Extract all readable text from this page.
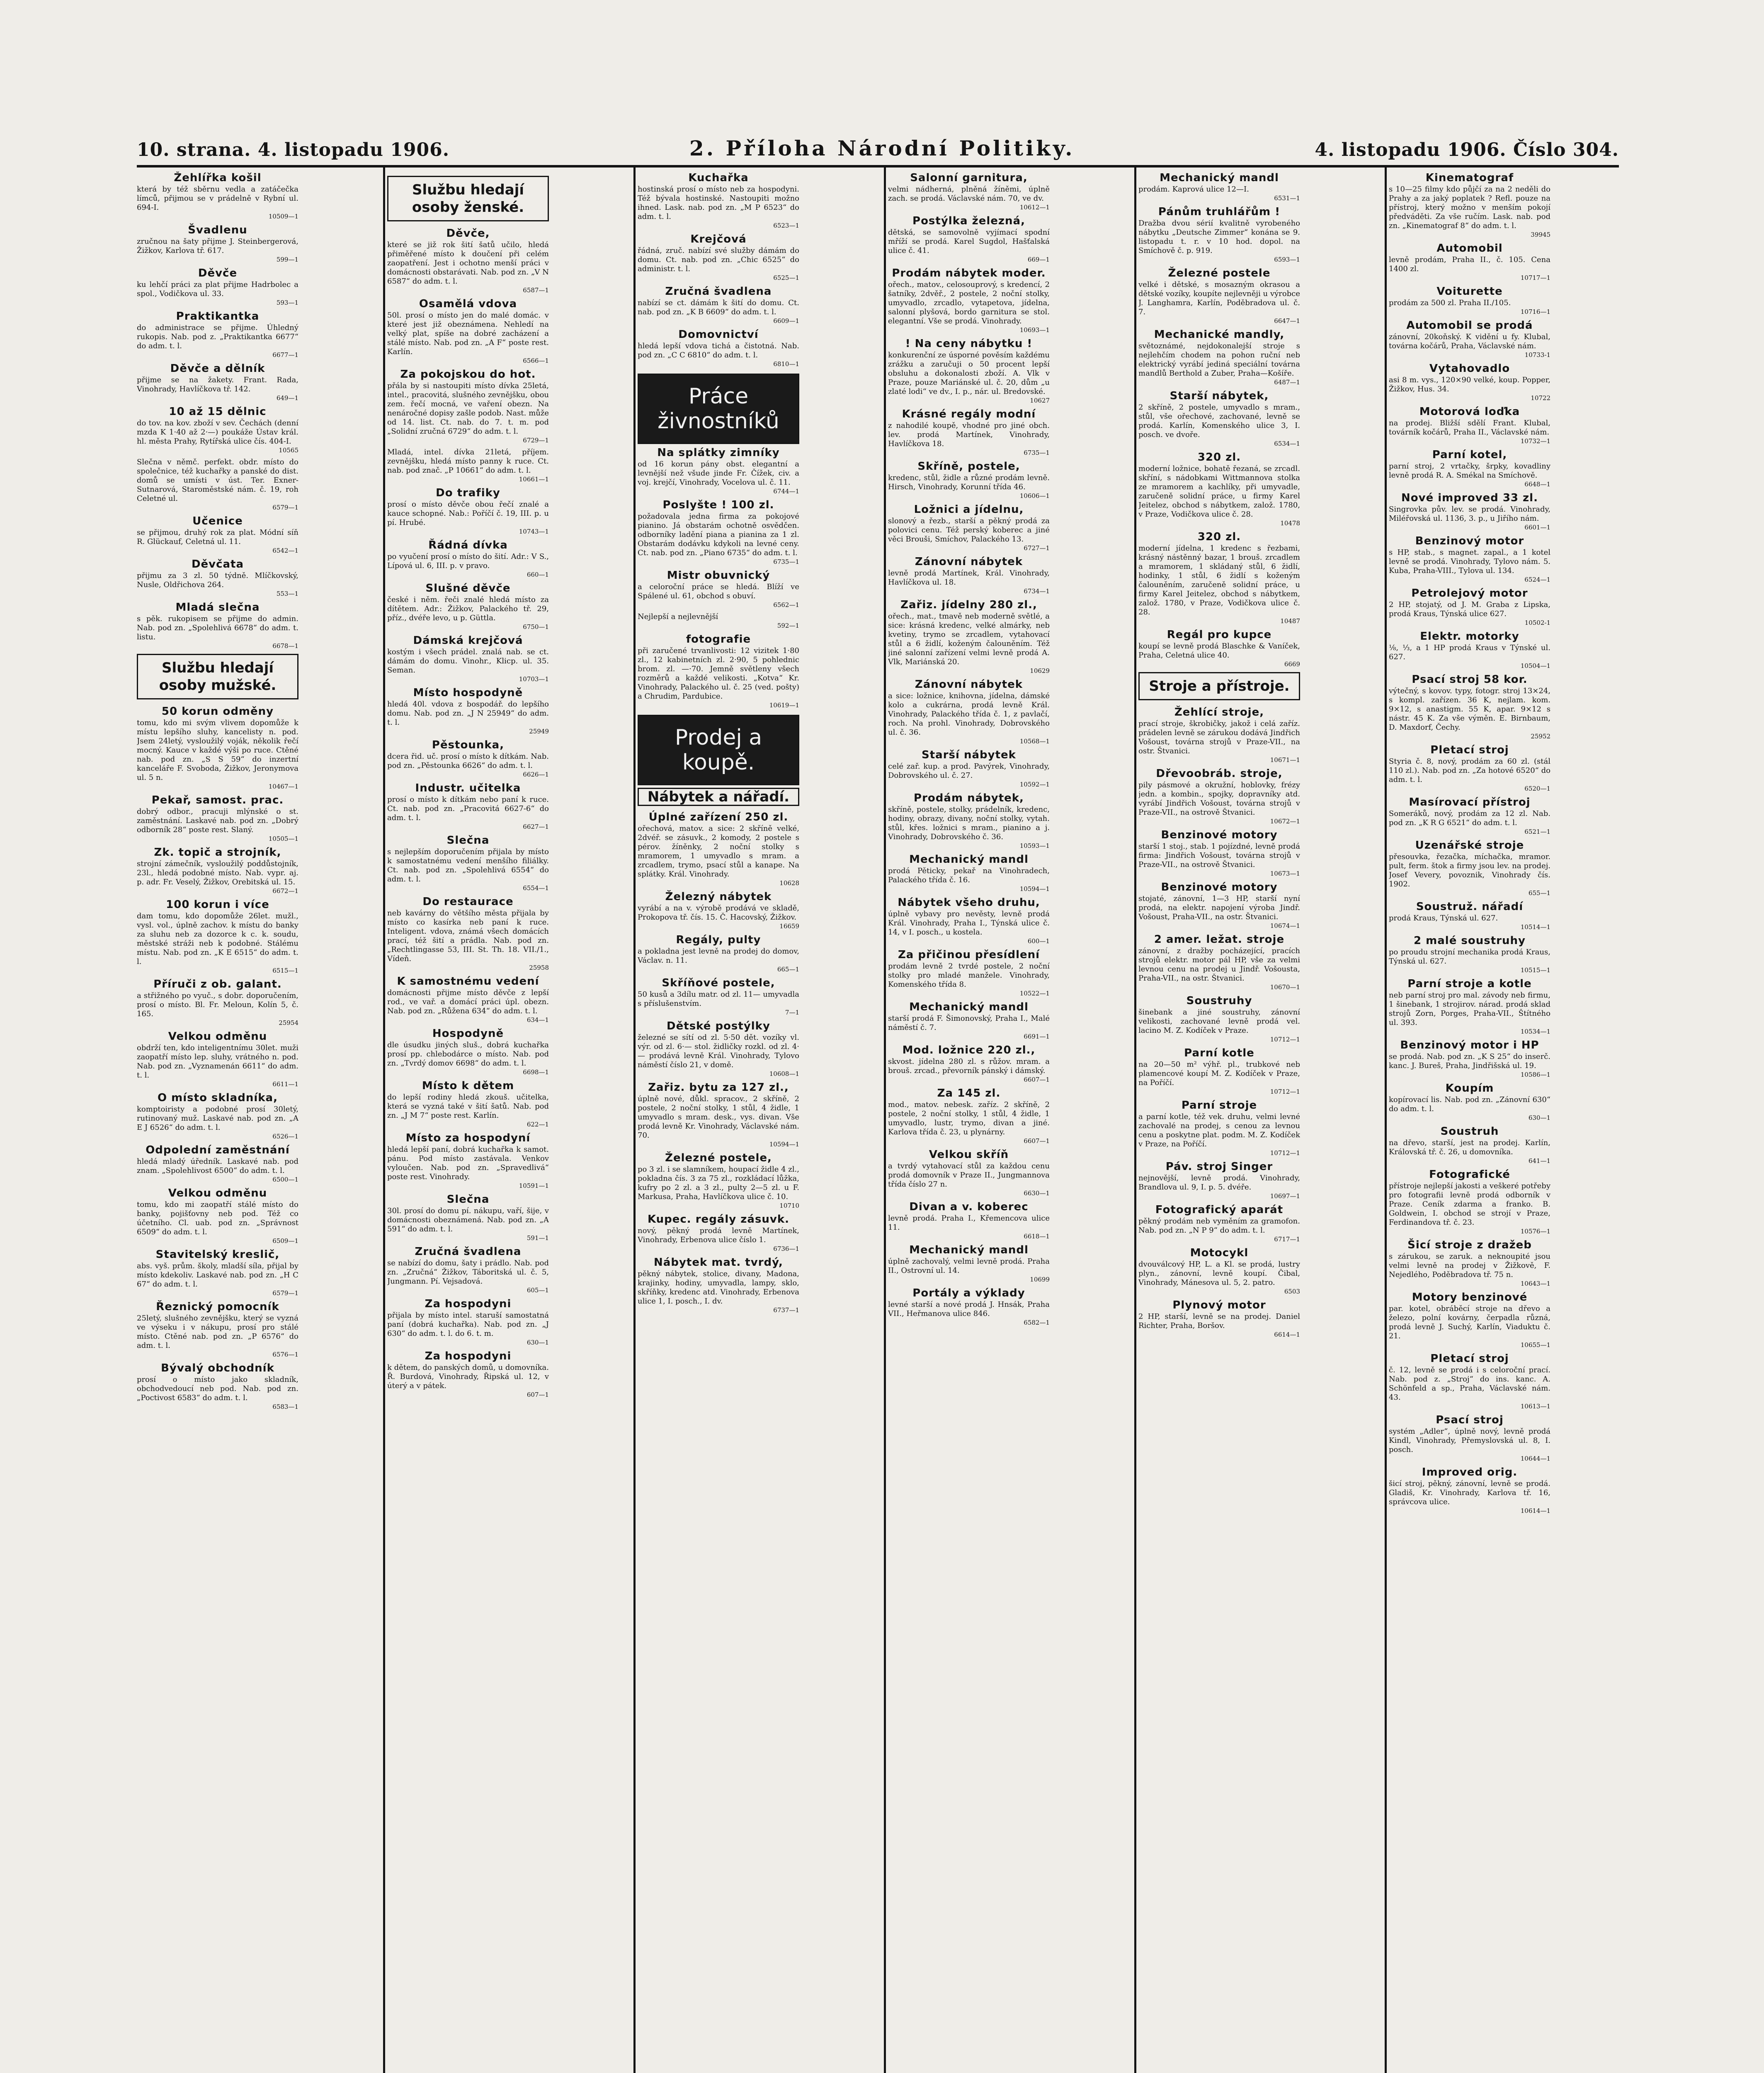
10. strana. 4. listopadu 1906.	2. Příloha Národní Politiky.	4. listopadu 1906. Číslo 304.
Žehlířka košil

která by též sběrnu vedla a zatáčečka límců, přijmou se v prádelně v Rybní ul. 694-I.

10509—1
Švadlenu

zručnou na šaty přijme J. Steinbergerová, Žižkov, Karlova tř. 617.

599—1
Děvče

ku lehčí práci za plat přijme Hadrbolec a spol., Vodičkova ul. 33.

593—1
Praktikantka

do administrace se přijme. Úhledný rukopis. Nab. pod z. „Praktikantka 6677“ do adm. t. l.

6677—1
Děvče a dělník

přijme se na žakety. Frant. Rada, Vinohrady, Havlíčkova tř. 142.

649—1
10 až 15 dělnic

do tov. na kov. zboží v sev. Čechách (denní mzda K 1·40 až 2·—) poukáže Ústav král. hl. města Prahy, Rytířská ulice čís. 404-I.

10565

Slečna v němč. perfekt. obdr. místo do společnice, též kuchařky a panské do dist. domů se umísti v úst. Ter. Exner-Sutnarová, Staroměstské nám. č. 19, roh Celetné ul.

6579—1
Učenice

se přijmou, druhý rok za plat. Módní síň R. Glückauf, Celetná ul. 11.

6542—1
Děvčata

přijmu za 3 zl. 50 týdně. Mlíčkovský, Nusle, Oldřichova 264.

553—1
Mladá slečna

s pěk. rukopisem se přijme do admin. Nab. pod zn. „Spolehlivá 6678“ do adm. t. listu.

6678—1
Službu hledají osoby mužské.
50 korun odměny

tomu, kdo mi svým vlivem dopomůže k místu lepšího sluhy, kancelisty n. pod. Jsem 24letý, vysloužilý voják, několik řečí mocný. Kauce v každé výši po ruce. Ctěné nab. pod zn. „S S 59“ do inzertní kanceláře F. Svoboda, Žižkov, Jeronymova ul. 5 n.

10467—1
Pekař, samost. prac.

dobrý odbor., pracuji mlýnské o st. zaměstnání. Laskavé nab. pod zn. „Dobrý odborník 28“ poste rest. Slaný.

10505—1
Zk. topič a strojník,

strojní zámečník, vysloužilý poddůstojník, 23l., hledá podobné místo. Nab. vypr. aj. p. adr. Fr. Veselý, Žižkov, Orebitská ul. 15.

6672—1
100 korun i více

dam tomu, kdo dopomůže 26let. mužl., vysl. vol., úplně zachov. k místu do banky za sluhu neb za dozorce k c. k. soudu, městské stráži neb k podobné. Stálému místu. Nab. pod zn. „K E 6515“ do adm. t. l.

6515—1
Příruči z ob. galant.

a střižného po vyuč., s dobr. doporučením, prosí o místo. Bl. Fr. Meloun, Kolín 5, č. 165.

25954
Velkou odměnu

obdrží ten, kdo inteligentnímu 30let. muži zaopatří místo lep. sluhy, vrátného n. pod. Nab. pod zn. „Vyznamenán 6611“ do adm. t. l.

6611—1
O místo skladníka,

komptoiristy a podobné prosí 30letý, rutinovaný muž. Laskavé nab. pod zn. „A E J 6526“ do adm. t. l.

6526—1
Odpolední zaměstnání

hledá mladý úředník. Laskavé nab. pod znam. „Spolehlivost 6500“ do adm. t. l.

6500—1
Velkou odměnu

tomu, kdo mi zaopatří stálé místo do banky, pojišťovny neb pod. Též co účetního. Cl. uab. pod zn. „Správnost 6509“ do adm. t. l.

6509—1
Stavitelský kreslič,

abs. vyš. prům. školy, mladší síla, přijal by místo kdekoliv. Laskavé nab. pod zn. „H C 67“ do adm. t. l.

6579—1
Řeznický pomocník

25letý, slušného zevnějšku, který se vyzná ve výseku i v nákupu, prosí pro stálé místo. Ctěné nab. pod zn. „P 6576“ do adm. t. l.

6576—1
Bývalý obchodník

prosí o místo jako skladník, obchodvedoucí neb pod. Nab. pod zn. „Poctivost 6583“ do adm. t. l.

6583—1
Službu hledají osoby ženské.
Děvče,

které se již rok šití šatů učilo, hledá přiměřené místo k doučení při celém zaopatření. Jest i ochotno menší práci v domácnosti obstarávati. Nab. pod zn. „V N 6587“ do adm. t. l.

6587—1
Osamělá vdova

50l. prosí o místo jen do malé domác. v které jest již obeznámena. Nehledí na velký plat, spíše na dobré zacházení a stálé místo. Nab. pod zn. „A F“ poste rest. Karlín.

6566—1
Za pokojskou do hot.

přála by si nastoupiti místo dívka 25letá, intel., pracovitá, slušného zevnějšku, obou zem. řečí mocná, ve vaření obezn. Na nenáročné dopisy zašle podob. Nast. může od 14. list. Ct. nab. do 7. t. m. pod „Solidní zručná 6729“ do adm. t. l.

6729—1

Mladá, intel. dívka 21letá, příjem. zevnějšku, hledá místo panny k ruce. Ct. nab. pod znač. „P 10661“ do adm. t. l.

10661—1
Do trafiky

prosí o místo děvče obou řečí znalé a kauce schopné. Nab.: Poříčí č. 19, III. p. u pí. Hrubé.

10743—1
Řádná dívka

po vyučení prosí o místo do šití. Adr.: V S., Lípová ul. 6, III. p. v pravo.

660—1
Slušné děvče

české i něm. řeči znalé hledá místo za dítětem. Adr.: Žižkov, Palackého tř. 29, příz., dvéře levo, u p. Güttla.

6750—1
Dámská krejčová

kostým i všech prádel. znalá nab. se ct. dámám do domu. Vinohr., Klicp. ul. 35. Seman.

10703—1
Místo hospodyně

hledá 40l. vdova z bospodář. do lepšího domu. Nab. pod zn. „J N 25949“ do adm. t. l.

25949
Pěstounka,

dcera řid. uč. prosí o místo k dítkám. Nab. pod zn. „Pěstounka 6626“ do adm. t. l.

6626—1
Industr. učitelka

prosí o místo k dítkám nebo paní k ruce. Ct. nab. pod zn. „Pracovitá 6627-6“ do adm. t. l.

6627—1
Slečna

s nejlepším doporučením přijala by místo k samostatnému vedení menšího filiálky. Ct. nab. pod zn. „Spolehlivá 6554“ do adm. t. l.

6554—1
Do restaurace

neb kavárny do většího města přijala by místo co kasírka neb paní k ruce. Inteligent. vdova, známá všech domácích prací, též šití a prádla. Nab. pod zn. „Rechtlingasse 53, III. St. Th. 18. VII./1., Vídeň.

25958
K samostnému vedení

domácnosti přijme místo děvče z lepší rod., ve vař. a domácí práci úpl. obezn. Nab. pod zn. „Růžena 634“ do adm. t. l.

634—1
Hospodyně

dle úsudku jiných sluš., dobrá kuchařka prosí pp. chlebodárce o místo. Nab. pod zn. „Tvrdý domov 6698“ do adm. t. l.

6698—1
Místo k dětem

do lepší rodiny hledá zkouš. učitelka, která se vyzná také v šití šatů. Nab. pod zn. „J M 7“ poste rest. Karlín.

622—1
Místo za hospodyní

hledá lepší paní, dobrá kuchařka k samot. pánu. Pod místo zastávala. Venkov vyloučen. Nab. pod zn. „Spravedlivá“ poste rest. Vinohrady.

10591—1
Slečna

30l. prosí do domu pí. nákupu, vaří, šije, v domácnosti obeznámená. Nab. pod zn. „A 591“ do adm. t. l.

591—1
Zručná švadlena

se nabízí do domu, šaty i prádlo. Nab. pod zn. „Zručná“ Žižkov, Táboritská ul. č. 5, Jungmann. Pí. Vejsadová.

605—1
Za hospodyni

přijala by místo intel. staruší samostatná paní (dobrá kuchařka). Nab. pod zn. „J 630“ do adm. t. l. do 6. t. m.

630—1
Za hospodyni

k dětem, do panských domů, u domovníka. Ř. Burdová, Vinohrady, Řipská ul. 12, v úterý a v pátek.

607—1
Kuchařka

hostinská prosí o místo neb za hospodyni. Též bývala hostinské. Nastoupiti možno ihned. Lask. nab. pod zn. „M P 6523“ do adm. t. l.

6523—1
Krejčová

řádná, zruč. nabízí své služby dámám do domu. Ct. nab. pod zn. „Chic 6525“ do administr. t. l.

6525—1
Zručná švadlena

nabízí se ct. dámám k šití do domu. Ct. nab. pod zn. „K B 6609“ do adm. t. l.

6609—1
Domovnictví

hledá lepší vdova tichá a čistotná. Nab. pod zn. „C C 6810“ do adm. t. l.

6810—1
Práce živnostníků
Na splátky zimníky

od 16 korun pány obst. elegantní a levnější než všude jinde Fr. Čížek, civ. a voj. krejčí, Vinohrady, Vocelova ul. č. 11.

6744—1
Poslyšte ! 100 zl.

požadovala jedna firma za pokojové pianino. Já obstarám ochotně osvědčen. odborníky ladění piana a pianina za 1 zl. Obstarám dodávku kdykoli na levné ceny. Ct. nab. pod zn. „Piano 6735“ do adm. t. l.

6735—1
Mistr obuvnický

a celoroční práce se hledá. Blíží ve Spálené ul. 61, obchod s obuví.

6562—1

Nejlepší a nejlevnější

592—1
fotografie

při zaručené trvanlivosti: 12 vizitek 1·80 zl., 12 kabinetních zl. 2·90, 5 pohlednic brom. zl. —·70. Jemně světleny všech rozměrů a každé velikosti. „Kotva“ Kr. Vinohrady, Palackého ul. č. 25 (ved. pošty) a Chrudim, Pardubice.

10619—1
Prodej a koupě.
Nábytek a nářadí.
Úplné zařízení 250 zl.

ořechová, matov. a sice: 2 skříně velké, 2dvéř. se zásuvk., 2 komody, 2 postele s pérov. žíněnky, 2 noční stolky s mramorem, 1 umyvadlo s mram. a zrcadlem, trymo, psací stůl a kanape. Na splátky. Král. Vinohrady.

10628
Železný nábytek

vyrábí a na v. výrobě prodává ve skladě, Prokopova tř. čís. 15. Č. Hacovský, Žižkov.

16659
Regály, pulty

a pokladna jest levně na prodej do domov, Václav. n. 11.

665—1
Skříňové postele,

50 kusů a 3dílu matr. od zl. 11— umyvadla s příslušenstvím.

7—1
Dětské postýlky

železné se sítí od zl. 5·50 dět. vozíky vl. výr. od zl. 6·— stol. židličky rozkl. od zl. 4·— prodává levně Král. Vinohrady, Tylovo náměstí číslo 21, v domě.

10608—1
Zařiz. bytu za 127 zl.,

úplně nové, důkl. spracov., 2 skříně, 2 postele, 2 noční stolky, 1 stůl, 4 židle, 1 umyvadlo s mram. desk., vys. divan. Vše prodá levně Kr. Vinohrady, Václavské nám. 70.

10594—1
Železné postele,

po 3 zl. i se slamníkem, houpací židle 4 zl., pokladna čís. 3 za 75 zl., rozkládací lůžka, kufry po 2 zl. a 3 zl., pulty 2—5 zl. u F. Markusa, Praha, Havlíčkova ulice č. 10.

10710
Kupec. regály zásuvk.

nový, pěkný prodá levně Martínek, Vinohrady, Erbenova ulice číslo 1.

6736—1
Nábytek mat. tvrdý,

pěkný nábytek, stolice, divany, Madona, krajinky, hodiny, umyvadla, lampy, sklo, skříňky, kredenc atd. Vinohrady, Erbenova ulice 1, I. posch., I. dv.

6737—1
Salonní garnitura,

velmi nádherná, plněná žíněmi, úplně zach. se prodá. Václavské nám. 70, ve dv.

10612—1
Postýlka železná,

dětská, se samovolně vyjímací spodní mříží se prodá. Karel Sugdol, Hašťalská ulice č. 41.

669—1
Prodám nábytek moder.

ořech., matov., celosouprový, s kredencí, 2 šatníky, 2dvěř., 2 postele, 2 noční stolky, umyvadlo, zrcadlo, vytapetova, jídelna, salonní plyšová, bordo garnitura se stol. elegantní. Vše se prodá. Vinohrady.

10693—1
! Na ceny nábytku !

konkurenční ze úsporné pověsím každému zrážku a zaručuji o 50 procent lepší obsluhu a dokonalosti zboží. A. Vlk v Praze, pouze Mariánské ul. č. 20, dům „u zlaté lodi“ ve dv., I. p., nár. ul. Bredovské.

10627
Krásné regály modní

z nahodilé koupě, vhodné pro jiné obch. lev. prodá Martínek, Vinohrady, Havlíčkova 18.

6735—1
Skříně, postele,

kredenc, stůl, židle a různé prodám levně. Hirsch, Vinohrady, Korunní třída 46.

10606—1
Ložnici a jídelnu,

slonový a řezb., starší a pěkný prodá za polovici cenu. Též perský koberec a jiné věci Brouši, Smíchov, Palackého 13.

6727—1
Zánovní nábytek

levně prodá Martínek, Král. Vinohrady, Havlíčkova ul. 18.

6734—1
Zařiz. jídelny 280 zl.,

ořech., mat., tmavě neb moderně světlé, a sice: krásná kredenc, velké almárky, neb kvetiny, trymo se zrcadlem, vytahovací stůl a 6 židlí, koženým čalouněním. Též jiné salonní zařízení velmi levně prodá A. Vlk, Mariánská 20.

10629
Zánovní nábytek

a sice: ložnice, knihovna, jídelna, dámské kolo a cukrárna, prodá levně Král. Vinohrady, Palackého třída č. 1, z pavlačí, roch. Na prohl. Vinohrady, Dobrovského ul. č. 36.

10568—1
Starší nábytek

celé zař. kup. a prod. Pavýrek, Vinohrady, Dobrovského ul. č. 27.

10592—1
Prodám nábytek,

skříně, postele, stolky, prádelník, kredenc, hodiny, obrazy, divany, noční stolky, vytah. stůl, křes. ložnici s mram., pianino a j. Vinohrady, Dobrovského č. 36.

10593—1
Mechanický mandl

prodá Pěticky, pekař na Vinohradech, Palackého třída č. 16.

10594—1
Nábytek všeho druhu,

úplně vybavy pro nevěsty, levně prodá Král. Vinohrady, Praha I., Týnská ulice č. 14, v I. posch., u kostela.

600—1
Za přičinou přesídlení

prodám levně 2 tvrdé postele, 2 noční stolky pro mladé manžele. Vinohrady, Komenského třída 8.

10522—1
Mechanický mandl

starší prodá F. Šimonovský, Praha I., Malé náměstí č. 7.

6691—1
Mod. ložnice 220 zl.,

skvost. jídelna 280 zl. s růžov. mram. a brouš. zrcad., převorník pánský i dámský.

6607—1
Za 145 zl.

mod., matov. nebesk. zaříz. 2 skříně, 2 postele, 2 noční stolky, 1 stůl, 4 židle, 1 umyvadlo, lustr, trymo, divan a jiné. Karlova třída č. 23, u plynárny.

6607—1
Velkou skříň

a tvrdý vytahovací stůl za každou cenu prodá domovník v Praze II., Jungmannova třída číslo 27 n.

6630—1
Divan a v. koberec

levně prodá. Praha I., Křemencova ulice 11.

6618—1
Mechanický mandl

úplně zachovalý, velmi levně prodá. Praha II., Ostrovní ul. 14.

10699
Portály a výklady

levné starší a nové prodá J. Hnsák, Praha VII., Heřmanova ulice 846.

6582—1
Mechanický mandl

prodám. Kaprová ulice 12—I.

6531—1
Pánům truhlářům !

Dražba dvou sérií kvalitně vyrobeného nábytku „Deutsche Zimmer“ konána se 9. listopadu t. r. v 10 hod. dopol. na Smíchově č. p. 919.

6593—1
Železné postele

velké i dětské, s mosazným okrasou a dětské vozíky, koupíte nejlevněji u výrobce J. Langhamra, Karlín, Poděbradova ul. č. 7.

6647—1
Mechanické mandly,

světoznámé, nejdokonalejší stroje s nejlehčím chodem na pohon ruční neb elektrický vyrábí jediná speciální továrna mandlů Berthold a Zuber, Praha—Košíře.

6487—1
Starší nábytek,

2 skříně, 2 postele, umyvadlo s mram., stůl, vše ořechové, zachované, levně se prodá. Karlín, Komenského ulice 3, I. posch. ve dvoře.

6534—1
320 zl.

moderní ložnice, bohatě řezaná, se zrcadl. skříní, s nádobkami Wittmannova stolka ze mramorem a kachlíky, při umyvadle, zaručeně solidní práce, u firmy Karel Jeitelez, obchod s nábytkem, založ. 1780, v Praze, Vodičkova ulice č. 28.

10478
320 zl.

moderní jídelna, 1 kredenc s řezbami, krásný nástěnný bazar, 1 brouš. zrcadlem a mramorem, 1 skládaný stůl, 6 židlí, hodinky, 1 stůl, 6 židlí s koženým čalouněním, zaručeně solidní práce, u firmy Karel Jeitelez, obchod s nábytkem, založ. 1780, v Praze, Vodičkova ulice č. 28.

10487
Regál pro kupce

koupí se levně prodá Blaschke & Vaníček, Praha, Celetná ulice 40.

6669
Stroje a přístroje.
Žehlící stroje,

prací stroje, škrobičky, jakož i celá zaříz. prádelen levně se zárukou dodává Jindřich Vošoust, továrna strojů v Praze-VII., na ostr. Štvanici.

10671—1
Dřevoobráb. stroje,

pily pásmové a okružní, hoblovky, frézy jedn. a kombin., spojky, dopravníky atd. vyrábí Jindřich Vošoust, továrna strojů v Praze-VII., na ostrově Štvanici.

10672—1
Benzinové motory

starší 1 stoj., stab. 1 pojízdné, levně prodá firma: Jindřich Vošoust, továrna strojů v Praze-VII., na ostrově Štvanici.

10673—1
Benzinové motory

stojaté, zánovní, 1—3 HP, starší nyní prodá, na elektr. napojení výroba Jindř. Vošoust, Praha-VII., na ostr. Štvanici.

10674—1
2 amer. ležat. stroje

zánovní, z dražby pocházející, pracích strojů elektr. motor pál HP, vše za velmi levnou cenu na prodej u Jindř. Vošousta, Praha-VII., na ostr. Štvanici.

10670—1
Soustruhy

šinebank a jiné soustruhy, zánovní velikosti, zachované levně prodá vel. lacino M. Z. Kodíček v Praze.

10712—1
Parní kotle

na 20—50 m² výhř. pl., trubkové neb plamencové koupí M. Z. Kodíček v Praze, na Poříčí.

10712—1
Parní stroje

a parní kotle, též vek. druhu, velmi levné zachovalé na prodej, s cenou za levnou cenu a poskytne plat. podm. M. Z. Kodíček v Praze, na Poříčí.

10712—1
Páv. stroj Singer

nejnovější, levně prodá. Vinohrady, Brandlova ul. 9, I. p. 5. dvéře.

10697—1
Fotografický aparát

pěkný prodám neb vyměním za gramofon. Nab. pod zn. „N P 9“ do adm. t. l.

6717—1
Motocykl

dvouválcový HP, L. a Kl. se prodá, lustry plyn., zánovní, levně koupí. Čibal, Vinohrady, Mánesova ul. 5, 2. patro.

6503
Plynový motor

2 HP, starší, levně se na prodej. Daniel Richter, Praha, Boršov.

6614—1
Kinematograf

s 10—25 filmy kdo půjčí za na 2 neděli do Prahy a za jaký poplatek ? Refl. pouze na přístroj, který možno v menším pokojí předváděti. Za vše ručím. Lask. nab. pod zn. „Kinematograf 8“ do adm. t. l.

39945
Automobil

levně prodám, Praha II., č. 105. Cena 1400 zl.

10717—1
Voiturette

prodám za 500 zl. Praha II./105.

10716—1
Automobil se prodá

zánovní, 20koňský. K vidění u fy. Klubal, továrna kočárů, Praha, Václavské nám.

10733-1
Vytahovadlo

asi 8 m. vys., 120×90 velké, koup. Popper, Žižkov, Hus. 34.

10722
Motorová loďka

na prodej. Bližší sdělí Frant. Klubal, továrník kočárů, Praha II., Václavské nám.

10732—1
Parní kotel,

parní stroj, 2 vrtačky, šrpky, kovadliny levně prodá R. A. Smékal na Smíchově.

6648—1
Nové improved 33 zl.

Singrovka pův. lev. se prodá. Vinohrady, Miléřovská ul. 1136, 3. p., u Jiřího nám.

6601—1
Benzinový motor

s HP, stab., s magnet. zapal., a 1 kotel levně se prodá. Vinohrady, Tylovo nám. 5. Kuba, Praha-VIII., Tylova ul. 134.

6524—1
Petrolejový motor

2 HP, stojatý, od J. M. Graba z Lipska, prodá Kraus, Týnská ulice 627.

10502-1
Elektr. motorky

⅛, ⅓, a 1 HP prodá Kraus v Týnské ul. 627.

10504—1
Psací stroj 58 kor.

výtečný, s kovov. typy, fotogr. stroj 13×24, s kompl. zařízen. 36 K, nejlam. kom. 9×12, s anastigm. 55 K, apar. 9×12 s nástr. 45 K. Za vše výměn. E. Birnbaum, D. Maxdorf, Čechy.

25952
Pletací stroj

Styria č. 8, nový, prodám za 60 zl. (stál 110 zl.). Nab. pod zn. „Za hotové 6520“ do adm. t. l.

6520—1
Masírovací přístroj

Someráků, nový, prodám za 12 zl. Nab. pod zn. „K R G 6521“ do adm. t. l.

6521—1
Uzenářské stroje

přesouvka, řezačka, míchačka, mramor. pult, ferm. štok a firmy jsou lev. na prodej. Josef Vevery, povoznik, Vinohrady čís. 1902.

655—1
Soustruž. nářadí

prodá Kraus, Týnská ul. 627.

10514—1
2 malé soustruhy

po proudu strojní mechanika prodá Kraus, Týnská ul. 627.

10515—1
Parní stroje a kotle

neb parní stroj pro mal. závody neb firmu, 1 šinebank, 1 strojirov. nárad. prodá sklad strojů Zorn, Porges, Praha-VII., Štítného ul. 393.

10534—1
Benzinový motor i HP

se prodá. Nab. pod zn. „K S 25“ do inserč. kanc. J. Bureš, Praha, Jindřišská ul. 19.

10586—1
Koupím

kopírovací lis. Nab. pod zn. „Zánovní 630“ do adm. t. l.

630—1
Soustruh

na dřevo, starší, jest na prodej. Karlín, Královská tř. č. 26, u domovníka.

641—1
Fotografické

přístroje nejlepší jakosti a veškeré potřeby pro fotografii levně prodá odborník v Praze. Ceník zdarma a franko. B. Goldwein, I. obchod se strojí v Praze, Ferdinandova tř. č. 23.

10576—1
Šicí stroje z dražeb

s zárukou, se zaruk. a neknoupité jsou velmi levně na prodej v Žižkově, F. Nejedlého, Poděbradova tř. 75 n.

10643—1
Motory benzinové

par. kotel, obráběcí stroje na dřevo a železo, polní kovárny, čerpadla různá, prodá levně J. Suchý, Karlín, Viaduktu č. 21.

10655—1
Pletací stroj

č. 12, levně se prodá i s celoroční prací. Nab. pod z. „Stroj“ do ins. kanc. A. Schönfeld a sp., Praha, Václavské nám. 43.

10613—1
Psací stroj

systém „Adler“, úplně nový, levně prodá Kindl, Vinohrady, Přemyslovská ul. 8, I. posch.

10644—1
Improved orig.

šicí stroj, pěkný, zánovní, levně se prodá. Gladiš, Kr. Vinohrady, Karlova tř. 16, správcova ulice.

10614—1
